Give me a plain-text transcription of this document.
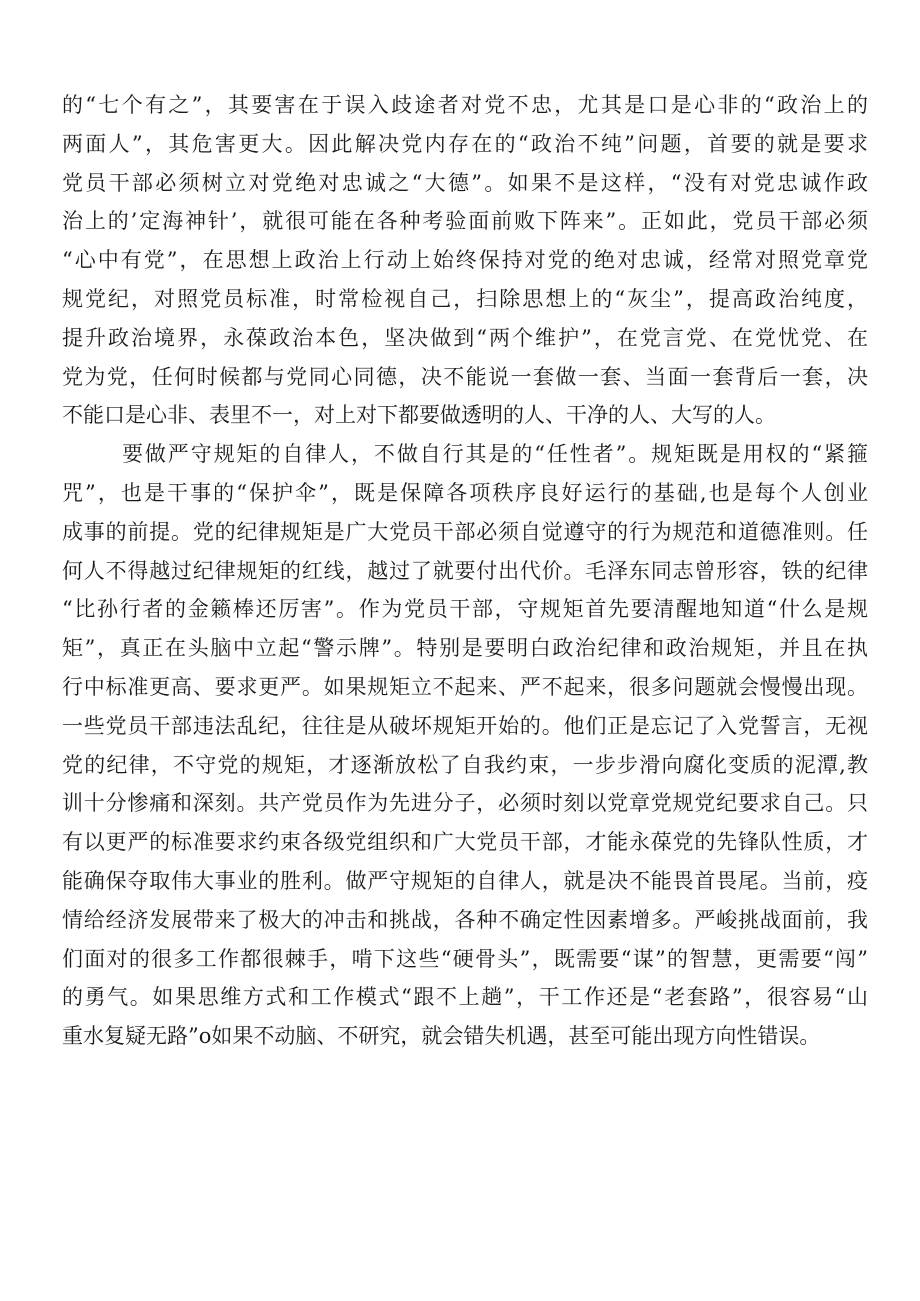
的“七个有之”，其要害在于误入歧途者对党不忠，尤其是口是心非的“政治上的
两面人”，其危害更大。因此解决党内存在的“政治不纯”问题，首要的就是要求
党员干部必须树立对党绝对忠诚之“大德”。如果不是这样，“没有对党忠诚作政
治上的’定海神针’，就很可能在各种考验面前败下阵来”。正如此，党员干部必须
“心中有党”，在思想上政治上行动上始终保持对党的绝对忠诚，经常对照党章党
规党纪，对照党员标准，时常检视自己，扫除思想上的“灰尘”，提高政治纯度，
提升政治境界，永葆政治本色，坚决做到“两个维护”，在党言党、在党忧党、在
党为党，任何时候都与党同心同德，决不能说一套做一套、当面一套背后一套，决
不能口是心非、表里不一，对上对下都要做透明的人、干净的人、大写的人。
要做严守规矩的自律人，不做自行其是的“任性者”。规矩既是用权的“紧箍
咒”，也是干事的“保护伞”，既是保障各项秩序良好运行的基础,也是每个人创业
成事的前提。党的纪律规矩是广大党员干部必须自觉遵守的行为规范和道德准则。任
何人不得越过纪律规矩的红线，越过了就要付出代价。毛泽东同志曾形容，铁的纪律
“比孙行者的金籁棒还厉害”。作为党员干部，守规矩首先要清醒地知道“什么是规
矩”，真正在头脑中立起“警示牌”。特别是要明白政治纪律和政治规矩，并且在执
行中标准更高、要求更严。如果规矩立不起来、严不起来，很多问题就会慢慢出现。
一些党员干部违法乱纪，往往是从破坏规矩开始的。他们正是忘记了入党誓言，无视
党的纪律，不守党的规矩，才逐渐放松了自我约束，一步步滑向腐化变质的泥潭,教
训十分惨痛和深刻。共产党员作为先进分子，必须时刻以党章党规党纪要求自己。只
有以更严的标准要求约束各级党组织和广大党员干部，才能永葆党的先锋队性质，才
能确保夺取伟大事业的胜利。做严守规矩的自律人，就是决不能畏首畏尾。当前，疫
情给经济发展带来了极大的冲击和挑战，各种不确定性因素增多。严峻挑战面前，我
们面对的很多工作都很棘手，啃下这些“硬骨头”，既需要“谋”的智慧，更需要“闯”
的勇气。如果思维方式和工作模式“跟不上趟”，干工作还是“老套路”，很容易“山
重水复疑无路”o如果不动脑、不研究，就会错失机遇，甚至可能出现方向性错误。
